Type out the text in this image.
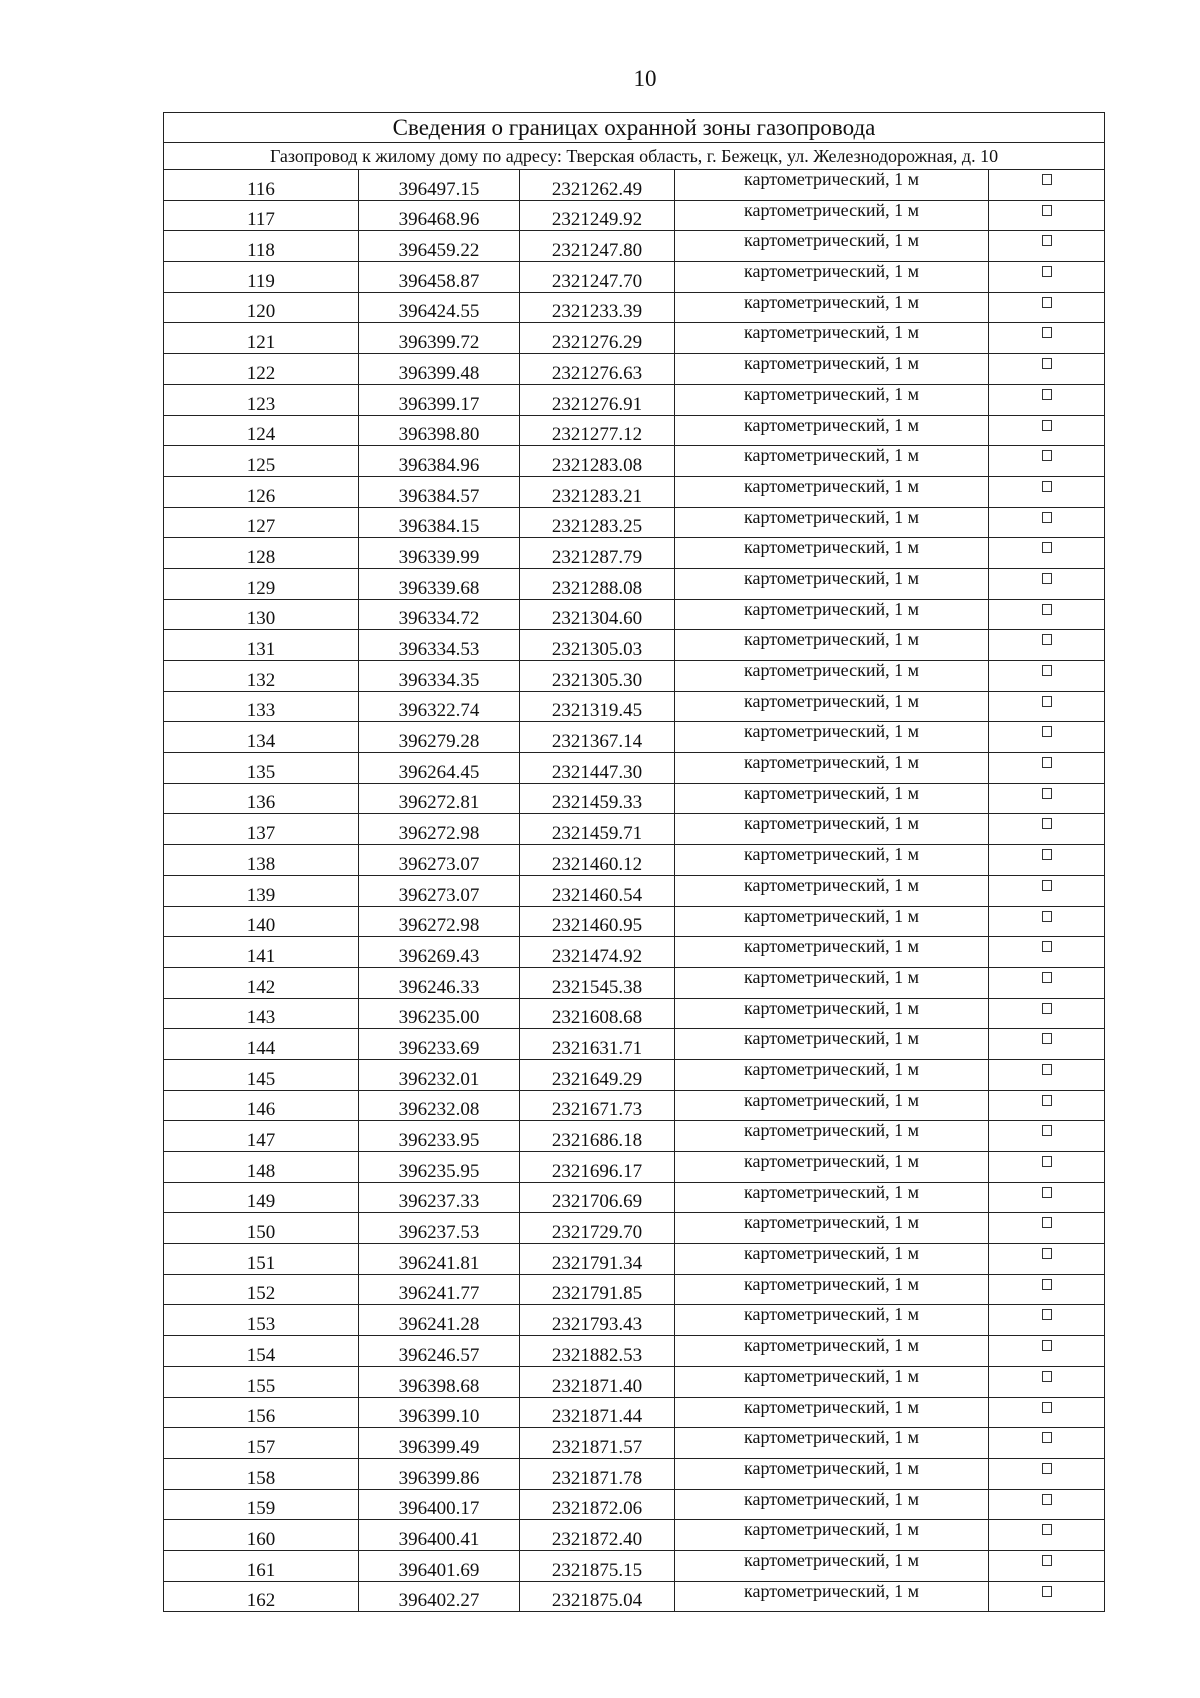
10
Сведения о границах охранной зоны газопровода				
Газопровод к жилому дому по адресу: Тверская область, г. Бежецк, ул. Железнодорожная, д. 10				
116	396497.15	2321262.49	картометрический, 1 м	
117	396468.96	2321249.92	картометрический, 1 м	
118	396459.22	2321247.80	картометрический, 1 м	
119	396458.87	2321247.70	картометрический, 1 м	
120	396424.55	2321233.39	картометрический, 1 м	
121	396399.72	2321276.29	картометрический, 1 м	
122	396399.48	2321276.63	картометрический, 1 м	
123	396399.17	2321276.91	картометрический, 1 м	
124	396398.80	2321277.12	картометрический, 1 м	
125	396384.96	2321283.08	картометрический, 1 м	
126	396384.57	2321283.21	картометрический, 1 м	
127	396384.15	2321283.25	картометрический, 1 м	
128	396339.99	2321287.79	картометрический, 1 м	
129	396339.68	2321288.08	картометрический, 1 м	
130	396334.72	2321304.60	картометрический, 1 м	
131	396334.53	2321305.03	картометрический, 1 м	
132	396334.35	2321305.30	картометрический, 1 м	
133	396322.74	2321319.45	картометрический, 1 м	
134	396279.28	2321367.14	картометрический, 1 м	
135	396264.45	2321447.30	картометрический, 1 м	
136	396272.81	2321459.33	картометрический, 1 м	
137	396272.98	2321459.71	картометрический, 1 м	
138	396273.07	2321460.12	картометрический, 1 м	
139	396273.07	2321460.54	картометрический, 1 м	
140	396272.98	2321460.95	картометрический, 1 м	
141	396269.43	2321474.92	картометрический, 1 м	
142	396246.33	2321545.38	картометрический, 1 м	
143	396235.00	2321608.68	картометрический, 1 м	
144	396233.69	2321631.71	картометрический, 1 м	
145	396232.01	2321649.29	картометрический, 1 м	
146	396232.08	2321671.73	картометрический, 1 м	
147	396233.95	2321686.18	картометрический, 1 м	
148	396235.95	2321696.17	картометрический, 1 м	
149	396237.33	2321706.69	картометрический, 1 м	
150	396237.53	2321729.70	картометрический, 1 м	
151	396241.81	2321791.34	картометрический, 1 м	
152	396241.77	2321791.85	картометрический, 1 м	
153	396241.28	2321793.43	картометрический, 1 м	
154	396246.57	2321882.53	картометрический, 1 м	
155	396398.68	2321871.40	картометрический, 1 м	
156	396399.10	2321871.44	картометрический, 1 м	
157	396399.49	2321871.57	картометрический, 1 м	
158	396399.86	2321871.78	картометрический, 1 м	
159	396400.17	2321872.06	картометрический, 1 м	
160	396400.41	2321872.40	картометрический, 1 м	
161	396401.69	2321875.15	картометрический, 1 м	
162	396402.27	2321875.04	картометрический, 1 м	
